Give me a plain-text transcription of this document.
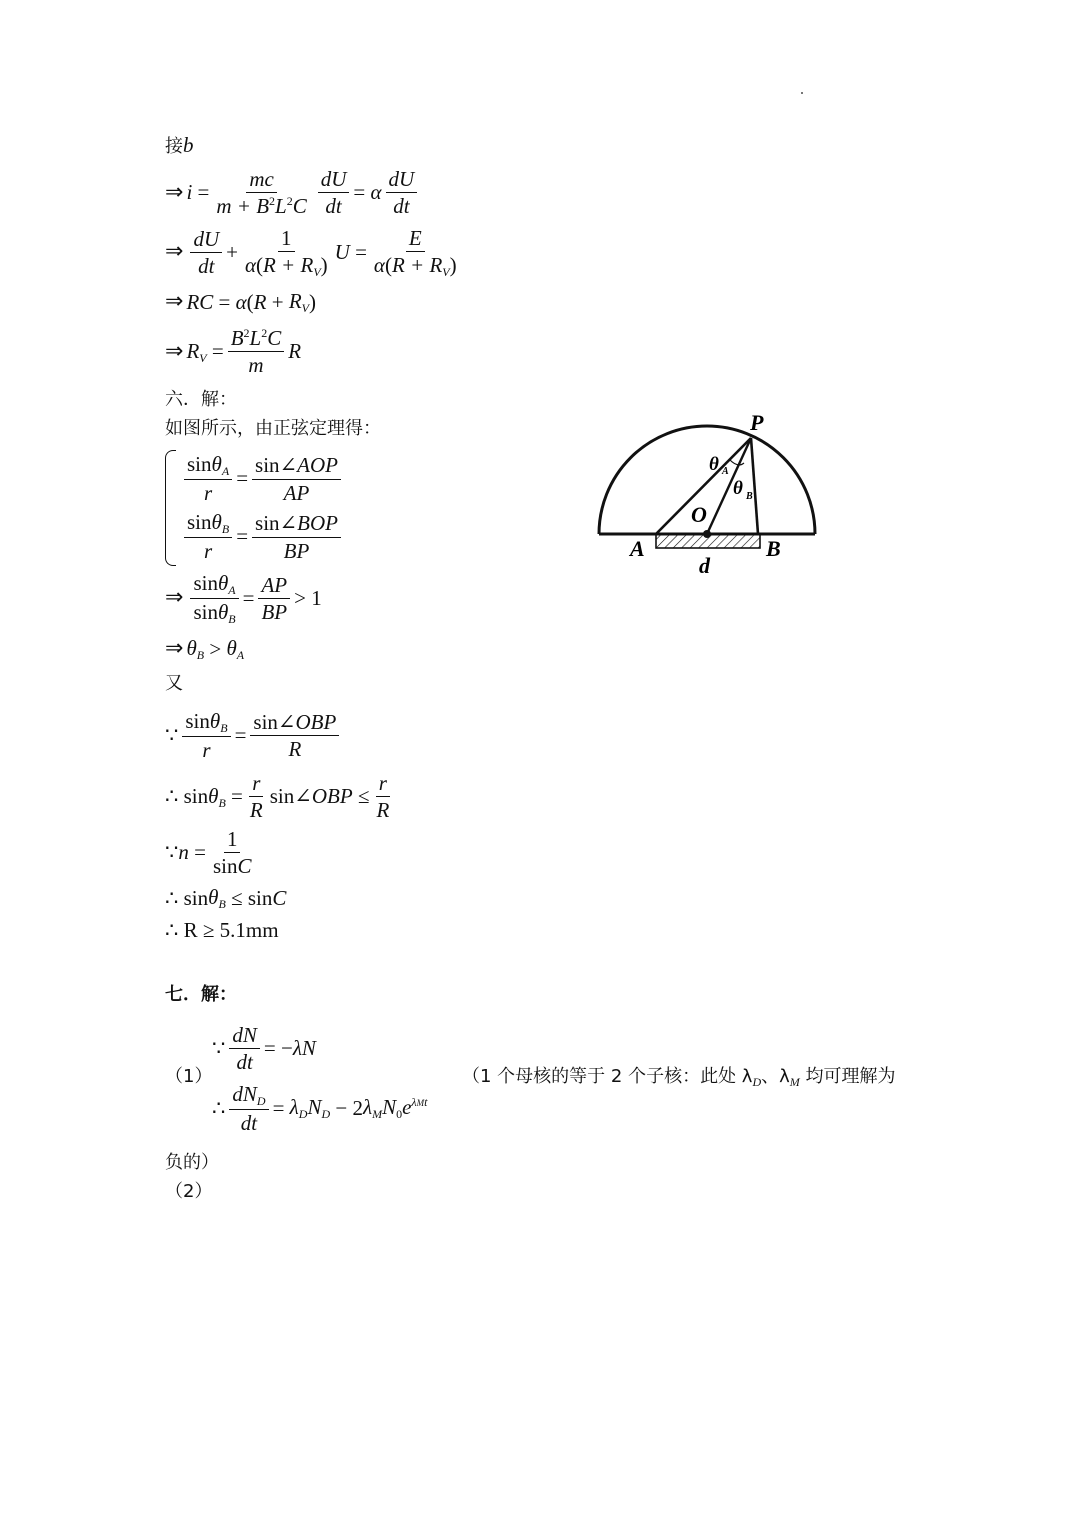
接b
⇒ $i = \frac{mc}{m + B^2L^2C} \frac{dU}{dt} = \alpha \frac{dU}{dt}$
⇒ $\frac{dU}{dt} + \frac{1}{\alpha(R + R_V)}$ $U = \frac{E}{\alpha(R + R_V)}$
⇒ RC = α ( $R + R_V$ )
⇒ $R_V = \frac{B^2L^2C}{m}$ R
六．解：
如图所示，由正弦定理得：
$\frac{\sin\theta_A}{r} = \frac{\text{sin∠AOP}}{AP}$
$\frac{\sin\theta_B}{r} = \frac{\text{sin∠BOP}}{BP}$
⇒ $\frac{\sin\theta_A}{\sin\theta_B} = \frac{AP}{BP} > 1$
⇒ $\theta_B > \theta_A$
又
∵ $\frac{\sin\theta_B}{r} = \frac{\text{sin∠OBP}}{R}$
∴ $\sin \theta_B = \frac{r}{R}$ sin∠ OBP ≤ $\frac{r}{R}$
∵ $n = \frac{1}{\sin C}$
∴ $\sin \theta_B \le \sin C$
∴ R ≥ 5.1mm
七．解：
（1）
∵ $\frac{dN}{dt}$ = − λN
∴ $\frac{dN_D}{dt} = \lambda_DN_D - 2$ $\lambda_MN_0e^{\lambda Mt}$
（1 个母核的等于 2 个子核：此处 $\lambda_D$、$\lambda_M$ 均可理解为
负的）
（2）
P
O
A	B
d
θ A
θ B
